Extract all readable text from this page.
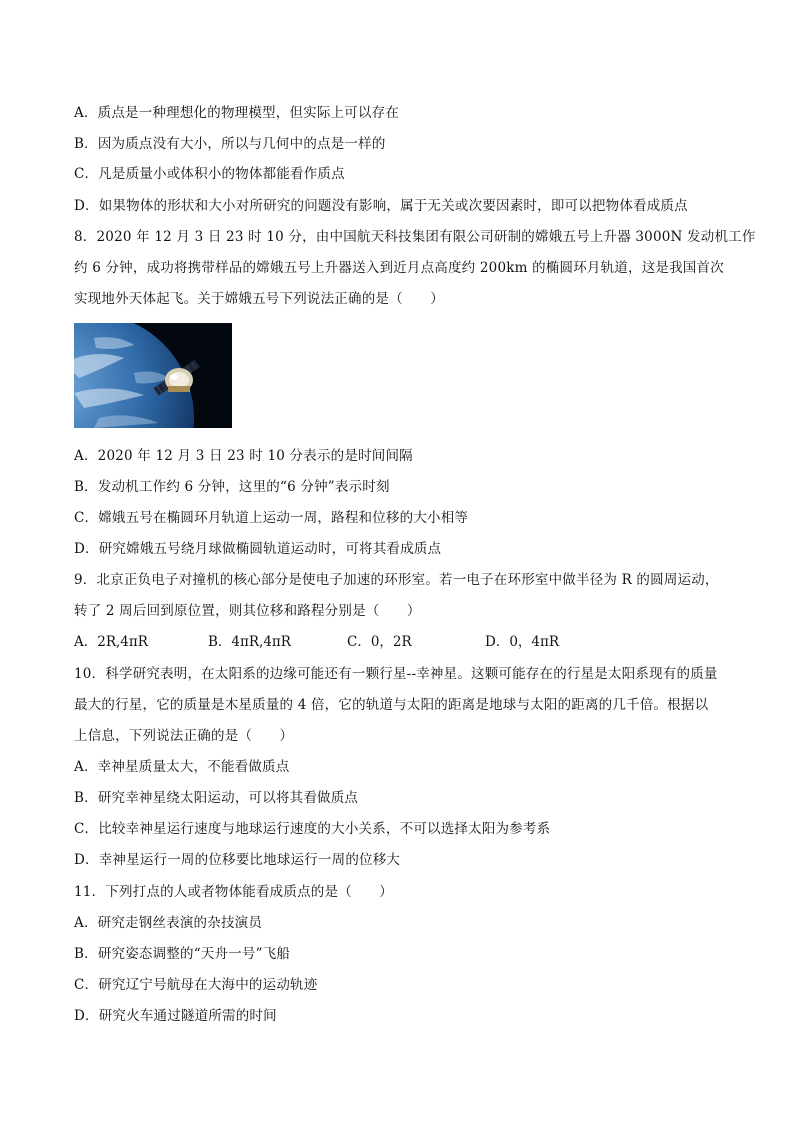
A．质点是一种理想化的物理模型，但实际上可以存在
B．因为质点没有大小，所以与几何中的点是一样的
C．凡是质量小或体积小的物体都能看作质点
D．如果物体的形状和大小对所研究的问题没有影响，属于无关或次要因素时，即可以把物体看成质点
8．2020 年 12 月 3 日 23 时 10 分，由中国航天科技集团有限公司研制的嫦娥五号上升器 3000N 发动机工作
约 6 分钟，成功将携带样品的嫦娥五号上升器送入到近月点高度约 200km 的椭圆环月轨道，这是我国首次
实现地外天体起飞。关于嫦娥五号下列说法正确的是（　　）
A．2020 年 12 月 3 日 23 时 10 分表示的是时间间隔
B．发动机工作约 6 分钟，这里的“6 分钟”表示时刻
C．嫦娥五号在椭圆环月轨道上运动一周，路程和位移的大小相等
D．研究嫦娥五号绕月球做椭圆轨道运动时，可将其看成质点
9．北京正负电子对撞机的核心部分是使电子加速的环形室。若一电子在环形室中做半径为 R 的圆周运动，
转了 2 周后回到原位置，则其位移和路程分别是（　　）
A．2R,4πR	B．4πR,4πR	C．0，2R	D．0，4πR
10．科学研究表明，在太阳系的边缘可能还有一颗行星--幸神星。这颗可能存在的行星是太阳系现有的质量
最大的行星，它的质量是木星质量的 4 倍，它的轨道与太阳的距离是地球与太阳的距离的几千倍。根据以
上信息，下列说法正确的是（　　）
A．幸神星质量太大，不能看做质点
B．研究幸神星绕太阳运动，可以将其看做质点
C．比较幸神星运行速度与地球运行速度的大小关系，不可以选择太阳为参考系
D．幸神星运行一周的位移要比地球运行一周的位移大
11．下列打点的人或者物体能看成质点的是（　　）
A．研究走钢丝表演的杂技演员
B．研究姿态调整的“天舟一号”飞船
C．研究辽宁号航母在大海中的运动轨迹
D．研究火车通过隧道所需的时间
